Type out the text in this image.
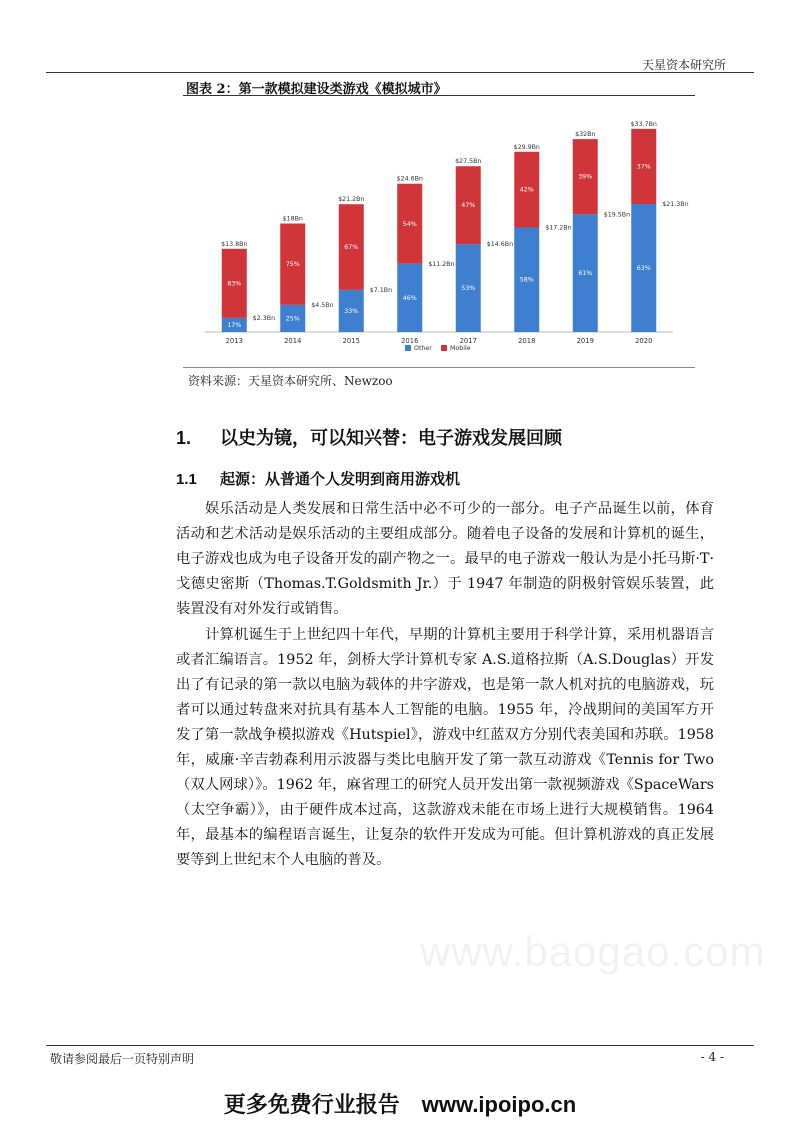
天星资本研究所
图表 2：第一款模拟建设类游戏《模拟城市》
$13.8Bn
83%
17%
$2.3Bn
2013
$18Bn
75%
25%
$4.5Bn
2014
$21.2Bn
67%
33%
$7.1Bn
2015
$24.6Bn
54%
46%
$11.2Bn
2016
$27.5Bn
47%
53%
$14.6Bn
2017
$29.9Bn
42%
58%
$17.2Bn
2018
$32Bn
39%
61%
$19.5Bn
2019
$33.7Bn
37%
63%
$21.3Bn
2020
Other	Mobile
资料来源：天星资本研究所、Newzoo
1. 以史为镜，可以知兴替：电子游戏发展回顾
1.1 起源：从普通个人发明到商用游戏机

娱乐活动是人类发展和日常生活中必不可少的一部分。电子产品诞生以前，体育活动和艺术活动是娱乐活动的主要组成部分。随着电子设备的发展和计算机的诞生，电子游戏也成为电子设备开发的副产物之一。最早的电子游戏一般认为是小托马斯·T·戈德史密斯（Thomas.T.Goldsmith Jr.）于 1947 年制造的阴极射管娱乐装置，此装置没有对外发行或销售。

计算机诞生于上世纪四十年代，早期的计算机主要用于科学计算，采用机器语言或者汇编语言。1952 年，剑桥大学计算机专家 A.S.道格拉斯（A.S.Douglas）开发出了有记录的第一款以电脑为载体的井字游戏，也是第一款人机对抗的电脑游戏，玩者可以通过转盘来对抗具有基本人工智能的电脑。1955 年，冷战期间的美国军方开发了第一款战争模拟游戏《Hutspiel》，游戏中红蓝双方分别代表美国和苏联。1958 年，威廉·辛吉勃森利用示波器与类比电脑开发了第一款互动游戏《Tennis for Two（双人网球）》。1962 年，麻省理工的研究人员开发出第一款视频游戏《SpaceWars（太空争霸）》，由于硬件成本过高，这款游戏未能在市场上进行大规模销售。1964 年，最基本的编程语言诞生，让复杂的软件开发成为可能。但计算机游戏的真正发展要等到上世纪末个人电脑的普及。

www.baogao.com
敬请参阅最后一页特别声明	- 4 -
更多免费行业报告 www.ipoipo.cn
